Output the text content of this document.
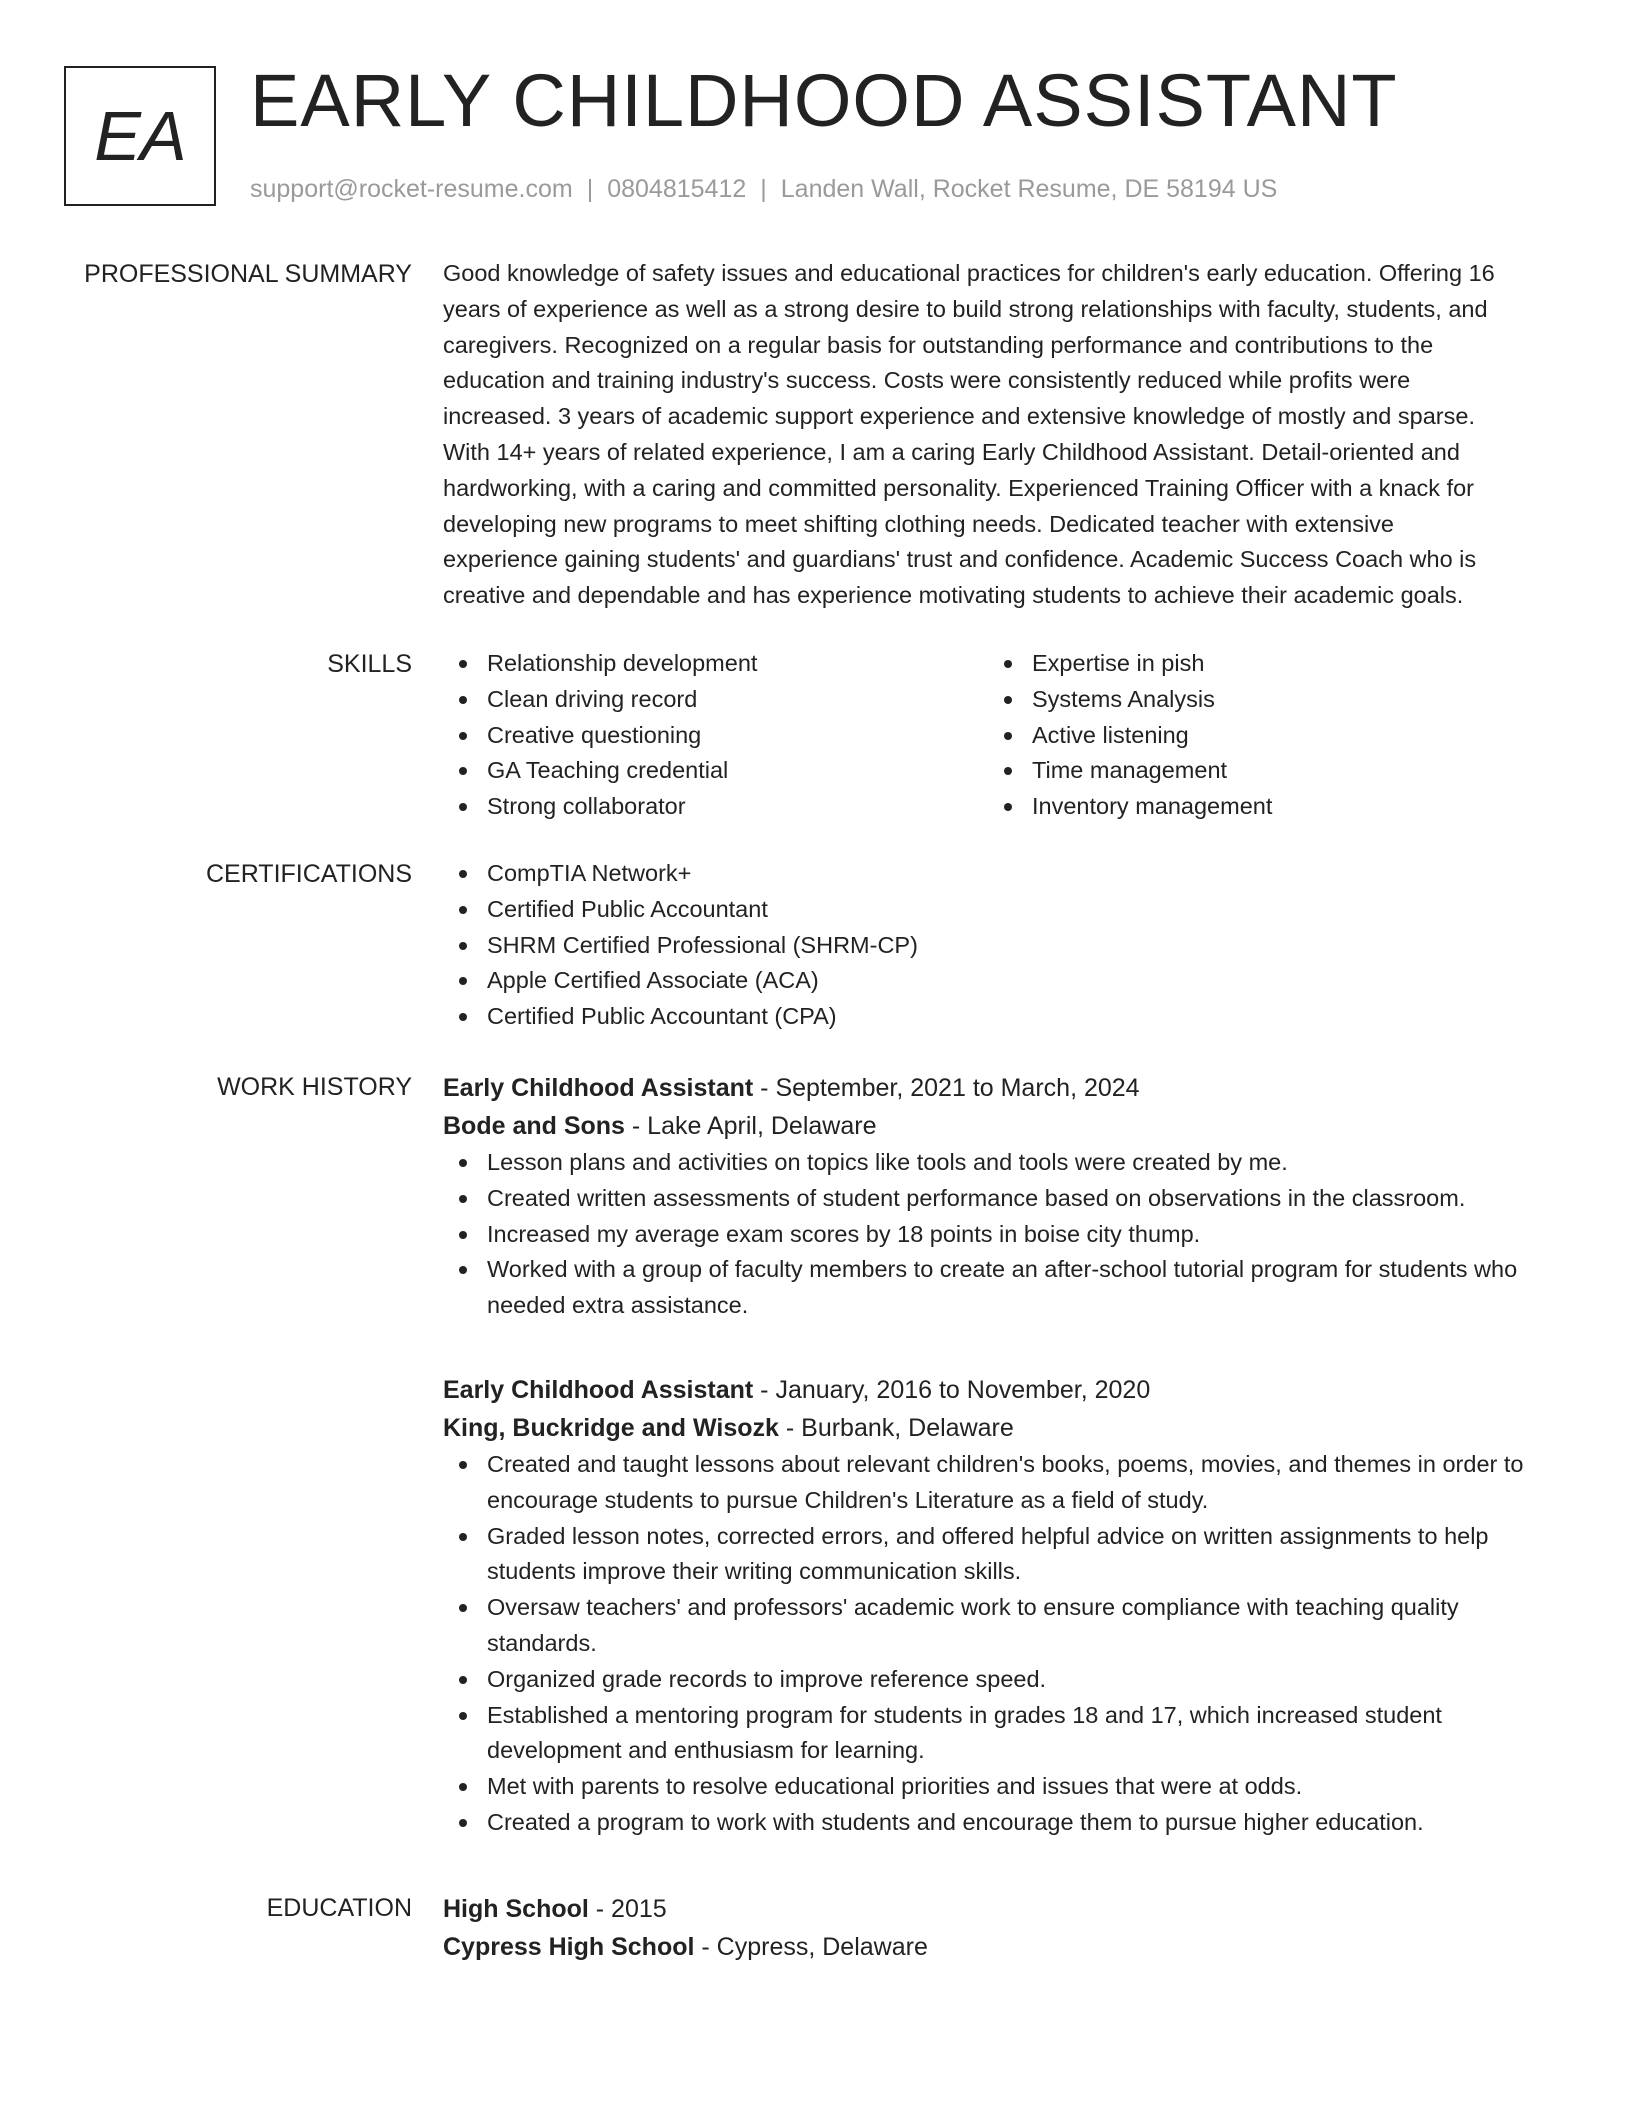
EA EARLY CHILDHOOD ASSISTANT
support@rocket-resume.com | 0804815412 | Landen Wall, Rocket Resume, DE 58194 US
PROFESSIONAL SUMMARY Good knowledge of safety issues and educational practices for children's early education. Offering 16
years of experience as well as a strong desire to build strong relationships with faculty, students, and
caregivers. Recognized on a regular basis for outstanding performance and contributions to the
education and training industry's success. Costs were consistently reduced while profits were
increased. 3 years of academic support experience and extensive knowledge of mostly and sparse.
With 14+ years of related experience, I am a caring Early Childhood Assistant. Detail-oriented and
hardworking, with a caring and committed personality. Experienced Training Officer with a knack for
developing new programs to meet shifting clothing needs. Dedicated teacher with extensive
experience gaining students' and guardians' trust and confidence. Academic Success Coach who is
creative and dependable and has experience motivating students to achieve their academic goals.
SKILLS	Relationship development
Clean driving record
Creative questioning
GA Teaching credential
Strong collaborator
Expertise in pish
Systems Analysis
Active listening
Time management
Inventory management
CERTIFICATIONS	CompTIA Network+
Certified Public Accountant
SHRM Certified Professional (SHRM-CP)
Apple Certified Associate (ACA)
Certified Public Accountant (CPA)
WORK HISTORY Early Childhood Assistant - September, 2021 to March, 2024
Bode and Sons - Lake April, Delaware
Lesson plans and activities on topics like tools and tools were created by me.
Created written assessments of student performance based on observations in the classroom.
Increased my average exam scores by 18 points in boise city thump.
Worked with a group of faculty members to create an after-school tutorial program for students who needed extra assistance.
Early Childhood Assistant - January, 2016 to November, 2020
King, Buckridge and Wisozk - Burbank, Delaware
Created and taught lessons about relevant children's books, poems, movies, and themes in order to encourage students to pursue Children's Literature as a field of study.
Graded lesson notes, corrected errors, and offered helpful advice on written assignments to help students improve their writing communication skills.
Oversaw teachers' and professors' academic work to ensure compliance with teaching quality standards.
Organized grade records to improve reference speed.
Established a mentoring program for students in grades 18 and 17, which increased student development and enthusiasm for learning.
Met with parents to resolve educational priorities and issues that were at odds.
Created a program to work with students and encourage them to pursue higher education.
EDUCATION High School - 2015
Cypress High School - Cypress, Delaware
